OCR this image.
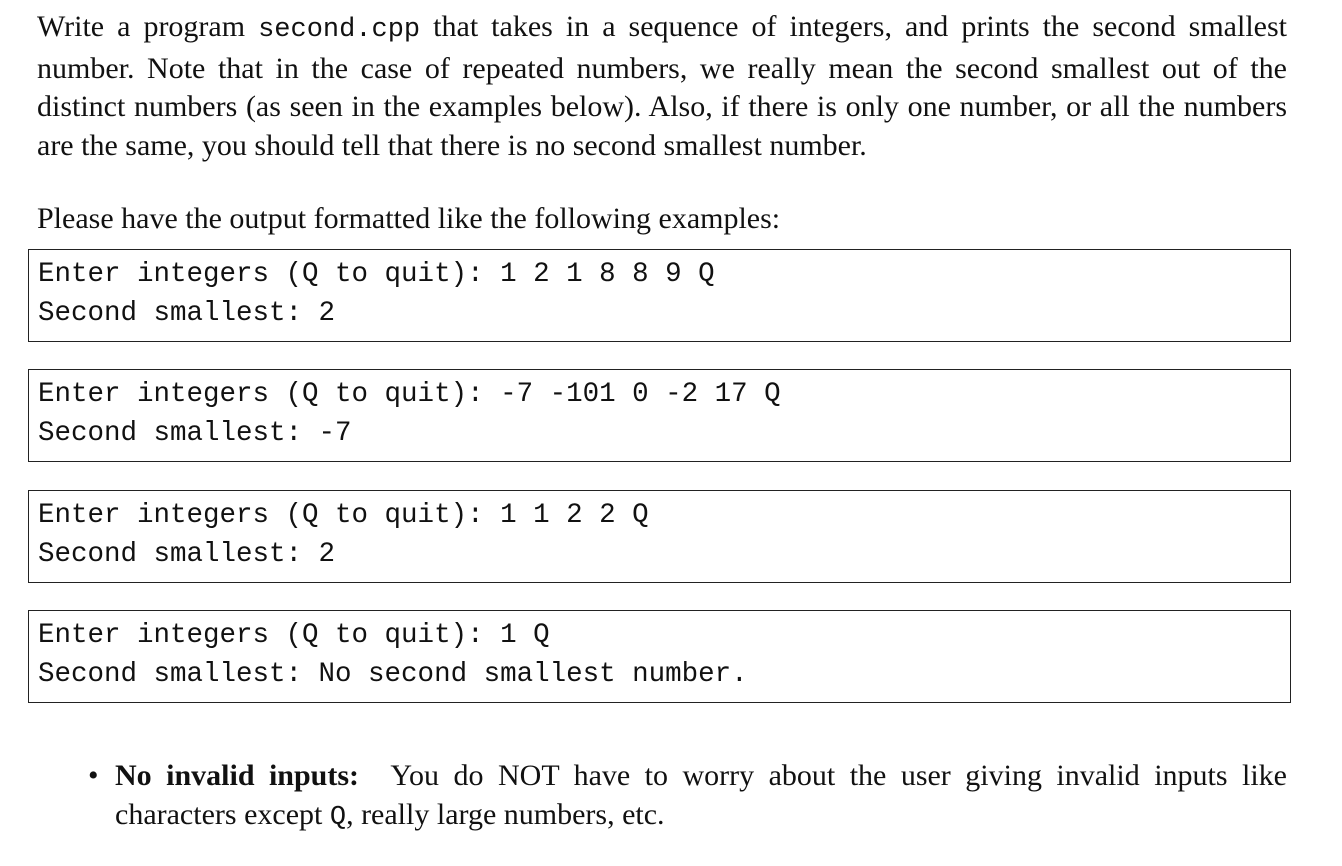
Write a program second.cpp that takes in a sequence of integers, and prints the second smallest number. Note that in the case of repeated numbers, we really mean the second smallest out of the distinct numbers (as seen in the examples below). Also, if there is only one number, or all the numbers are the same, you should tell that there is no second smallest number.
Please have the output formatted like the following examples:
Enter integers (Q to quit): 1 2 1 8 8 9 Q
Second smallest: 2
Enter integers (Q to quit): -7 -101 0 -2 17 Q
Second smallest: -7
Enter integers (Q to quit): 1 1 2 2 Q
Second smallest: 2
Enter integers (Q to quit): 1 Q
Second smallest: No second smallest number.
• No invalid inputs: You do NOT have to worry about the user giving invalid inputs like characters except Q, really large numbers, etc.
